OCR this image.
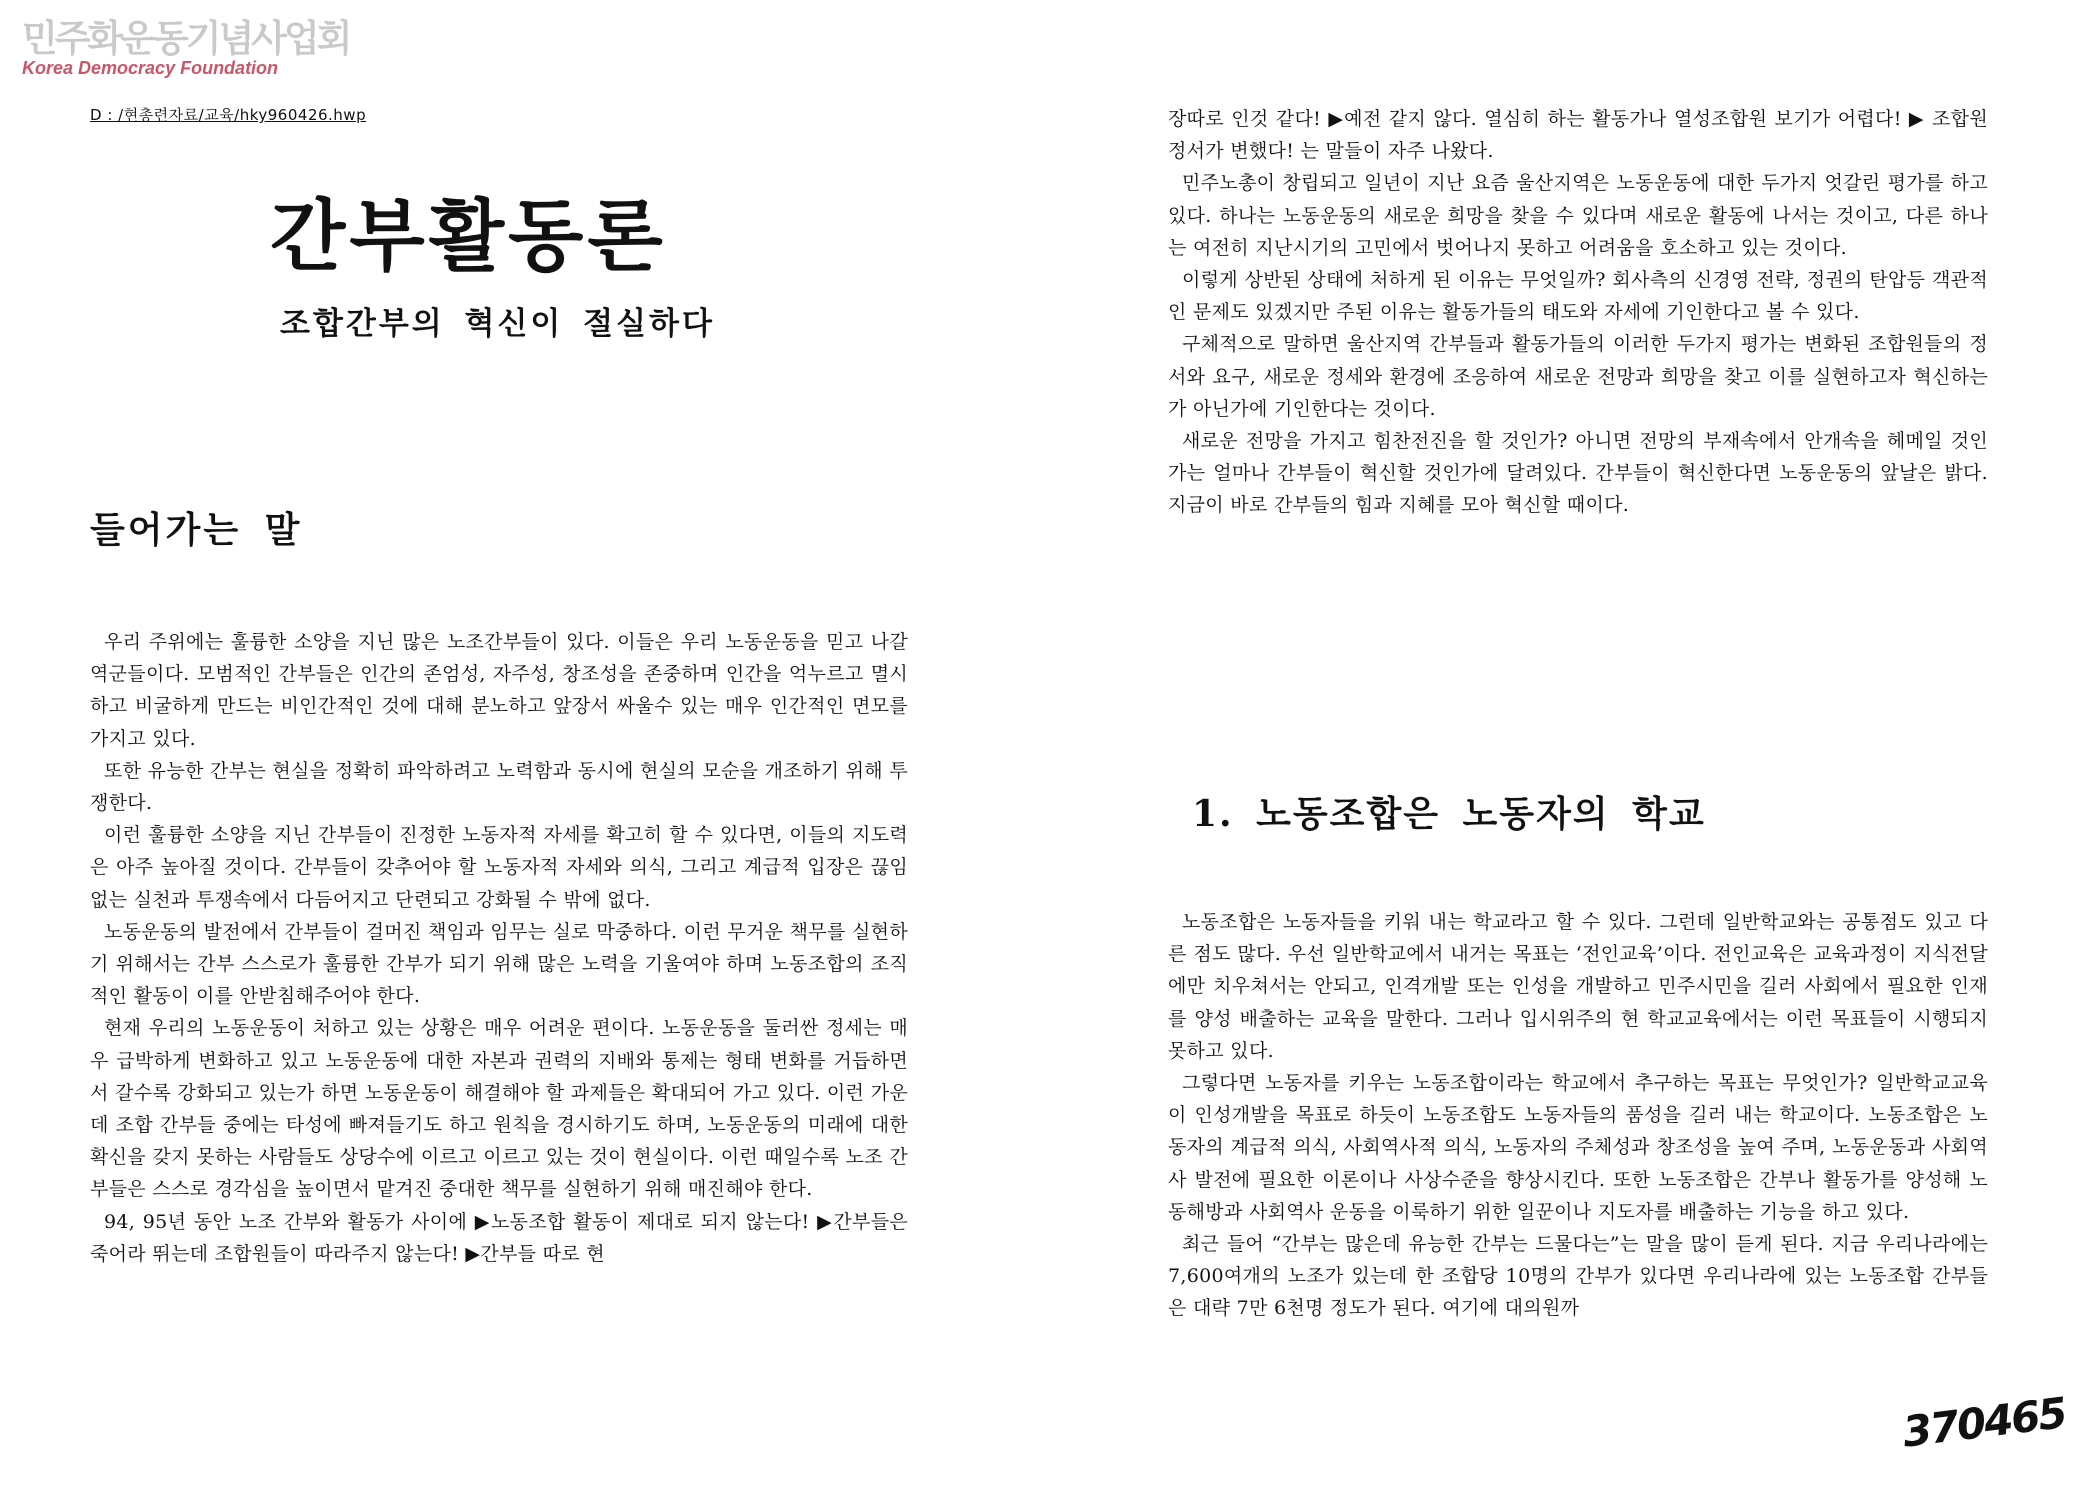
민주화운동기념사업회
Korea Democracy Foundation
D : /현총련자료/교육/hky960426.hwp
간부활동론
조합간부의 혁신이 절실하다
들어가는 말

우리 주위에는 훌륭한 소양을 지닌 많은 노조간부들이 있다. 이들은 우리 노동운동을 믿고 나갈 역군들이다. 모범적인 간부들은 인간의 존엄성, 자주성, 창조성을 존중하며 인간을 억누르고 멸시하고 비굴하게 만드는 비인간적인 것에 대해 분노하고 앞장서 싸울수 있는 매우 인간적인 면모를 가지고 있다.

또한 유능한 간부는 현실을 정확히 파악하려고 노력함과 동시에 현실의 모순을 개조하기 위해 투쟁한다.

이런 훌륭한 소양을 지닌 간부들이 진정한 노동자적 자세를 확고히 할 수 있다면, 이들의 지도력은 아주 높아질 것이다. 간부들이 갖추어야 할 노동자적 자세와 의식, 그리고 계급적 입장은 끊임없는 실천과 투쟁속에서 다듬어지고 단련되고 강화될 수 밖에 없다.

노동운동의 발전에서 간부들이 걸머진 책임과 임무는 실로 막중하다. 이런 무거운 책무를 실현하기 위해서는 간부 스스로가 훌륭한 간부가 되기 위해 많은 노력을 기울여야 하며 노동조합의 조직적인 활동이 이를 안받침해주어야 한다.

현재 우리의 노동운동이 처하고 있는 상황은 매우 어려운 편이다. 노동운동을 둘러싼 정세는 매우 급박하게 변화하고 있고 노동운동에 대한 자본과 권력의 지배와 통제는 형태 변화를 거듭하면서 갈수록 강화되고 있는가 하면 노동운동이 해결해야 할 과제들은 확대되어 가고 있다. 이런 가운데 조합 간부들 중에는 타성에 빠져들기도 하고 원칙을 경시하기도 하며, 노동운동의 미래에 대한 확신을 갖지 못하는 사람들도 상당수에 이르고 이르고 있는 것이 현실이다. 이런 때일수록 노조 간부들은 스스로 경각심을 높이면서 맡겨진 중대한 책무를 실현하기 위해 매진해야 한다.

94, 95년 동안 노조 간부와 활동가 사이에 ▶노동조합 활동이 제대로 되지 않는다! ▶간부들은 죽어라 뛰는데 조합원들이 따라주지 않는다! ▶간부들 따로 현

장따로 인것 같다! ▶예전 같지 않다. 열심히 하는 활동가나 열성조합원 보기가 어렵다! ▶ 조합원 정서가 변했다! 는 말들이 자주 나왔다.

민주노총이 창립되고 일년이 지난 요즘 울산지역은 노동운동에 대한 두가지 엇갈린 평가를 하고 있다. 하나는 노동운동의 새로운 희망을 찾을 수 있다며 새로운 활동에 나서는 것이고, 다른 하나는 여전히 지난시기의 고민에서 벗어나지 못하고 어려움을 호소하고 있는 것이다.

이렇게 상반된 상태에 처하게 된 이유는 무엇일까? 회사측의 신경영 전략, 정권의 탄압등 객관적인 문제도 있겠지만 주된 이유는 활동가들의 태도와 자세에 기인한다고 볼 수 있다.

구체적으로 말하면 울산지역 간부들과 활동가들의 이러한 두가지 평가는 변화된 조합원들의 정서와 요구, 새로운 정세와 환경에 조응하여 새로운 전망과 희망을 찾고 이를 실현하고자 혁신하는가 아닌가에 기인한다는 것이다.

새로운 전망을 가지고 힘찬전진을 할 것인가? 아니면 전망의 부재속에서 안개속을 헤메일 것인가는 얼마나 간부들이 혁신할 것인가에 달려있다. 간부들이 혁신한다면 노동운동의 앞날은 밝다. 지금이 바로 간부들의 힘과 지혜를 모아 혁신할 때이다.

1. 노동조합은 노동자의 학교

노동조합은 노동자들을 키워 내는 학교라고 할 수 있다. 그런데 일반학교와는 공통점도 있고 다른 점도 많다. 우선 일반학교에서 내거는 목표는 ‘전인교육’이다. 전인교육은 교육과정이 지식전달에만 치우쳐서는 안되고, 인격개발 또는 인성을 개발하고 민주시민을 길러 사회에서 필요한 인재를 양성 배출하는 교육을 말한다. 그러나 입시위주의 현 학교교육에서는 이런 목표들이 시행되지 못하고 있다.

그렇다면 노동자를 키우는 노동조합이라는 학교에서 추구하는 목표는 무엇인가? 일반학교교육이 인성개발을 목표로 하듯이 노동조합도 노동자들의 품성을 길러 내는 학교이다. 노동조합은 노동자의 계급적 의식, 사회역사적 의식, 노동자의 주체성과 창조성을 높여 주며, 노동운동과 사회역사 발전에 필요한 이론이나 사상수준을 향상시킨다. 또한 노동조합은 간부나 활동가를 양성해 노동해방과 사회역사 운동을 이룩하기 위한 일꾼이나 지도자를 배출하는 기능을 하고 있다.

최근 들어 “간부는 많은데 유능한 간부는 드물다는”는 말을 많이 듣게 된다. 지금 우리나라에는 7,600여개의 노조가 있는데 한 조합당 10명의 간부가 있다면 우리나라에 있는 노동조합 간부들은 대략 7만 6천명 정도가 된다. 여기에 대의원까

370465
